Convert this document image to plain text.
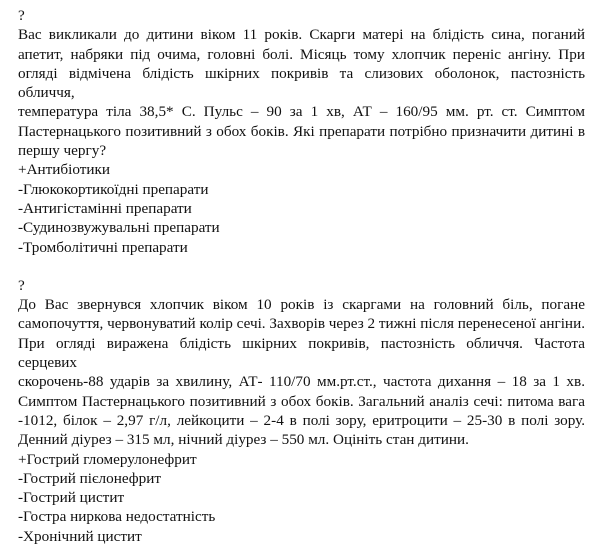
?
Вас викликали до дитини віком 11 років. Скарги матері на блідість сина, поганий
апетит, набряки під очима, головні болі. Місяць тому хлопчик переніс ангіну. При
огляді відмічена блідість шкірних покривів та слизових оболонок, пастозність обличчя,
температура тіла 38,5* С. Пульс – 90 за 1 хв, АТ – 160/95 мм. рт. ст. Симптом
Пастернацького позитивний з обох боків. Які препарати потрібно призначити дитині в
першу чергу?
+Антибіотики
-Глюкокортикоїдні препарати
-Антигістамінні препарати
-Судинозвужувальні препарати
-Тромболітичні препарати
?
До Вас звернувся хлопчик віком 10 років із скаргами на головний біль, погане
самопочуття, червонуватий колір сечі. Захворів через 2 тижні після перенесеної ангіни.
При огляді виражена блідість шкірних покривів, пастозність обличчя. Частота серцевих
скорочень-88 ударів за хвилину, АТ- 110/70 мм.рт.ст., частота дихання – 18 за 1 хв.
Симптом Пастернацького позитивний з обох боків. Загальний аналіз сечі: питома вага
-1012, білок – 2,97 г/л, лейкоцити – 2-4 в полі зору, еритроцити – 25-30 в полі зору.
Денний діурез – 315 мл, нічний діурез – 550 мл. Оцініть стан дитини.
+Гострий гломерулонефрит
-Гострий пієлонефрит
-Гострий цистит
-Гостра ниркова недостатність
-Хронічний цистит
